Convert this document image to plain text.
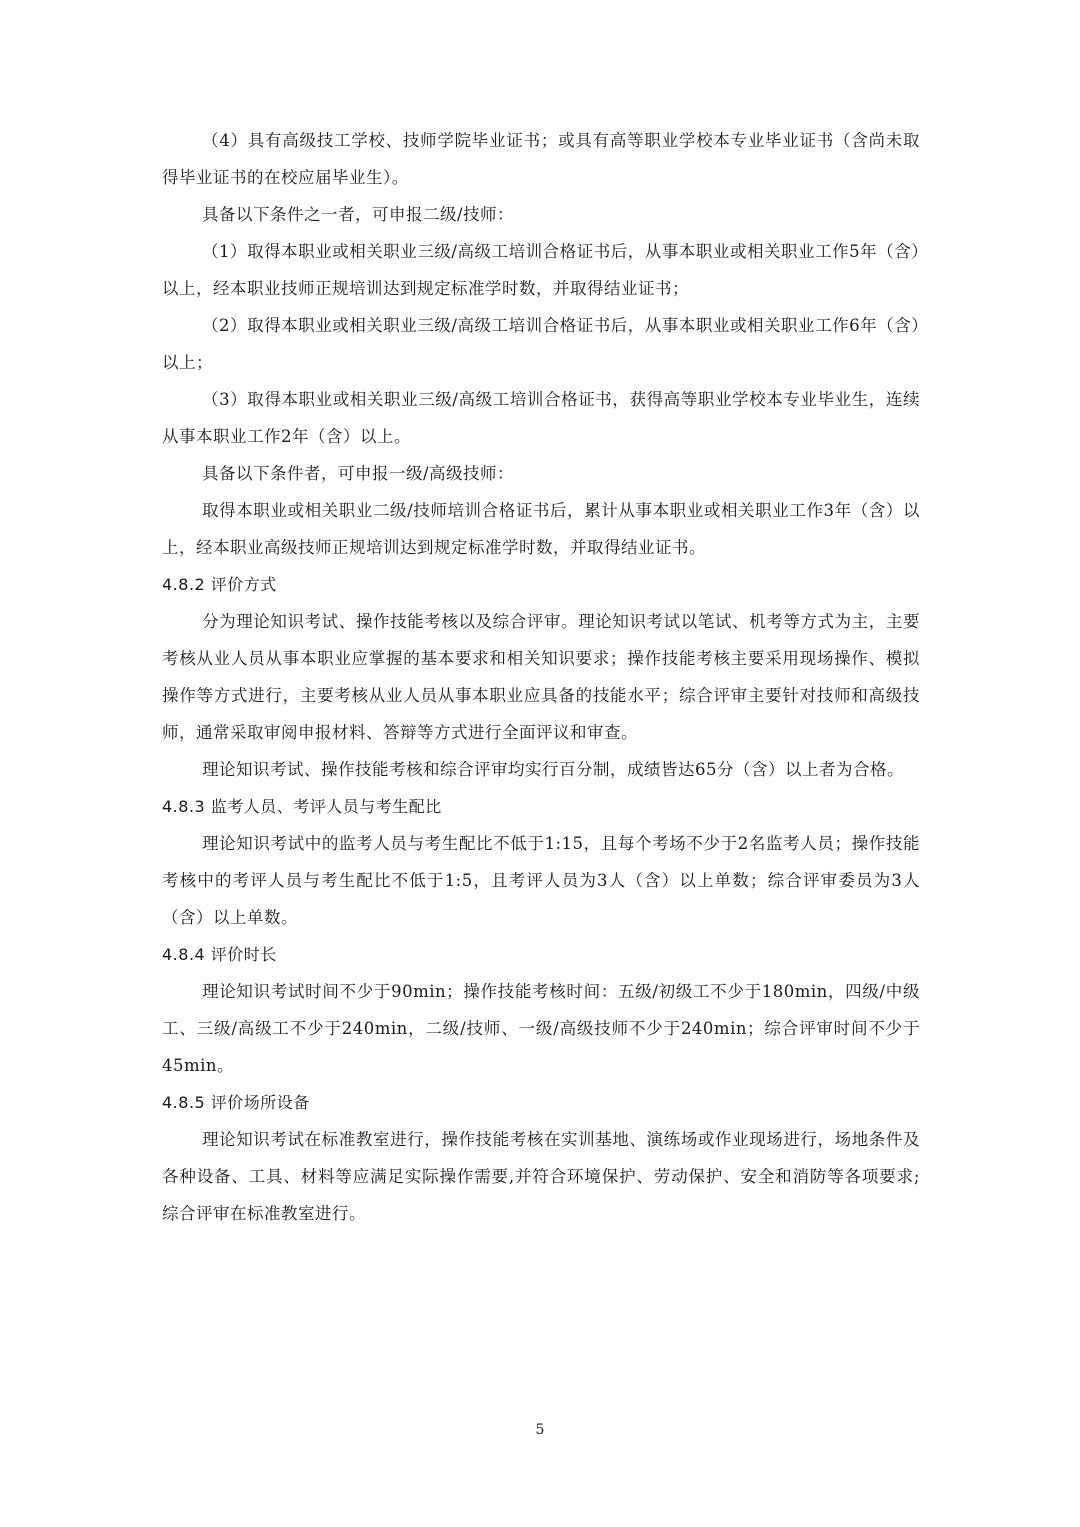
（4）具有高级技工学校、技师学院毕业证书；或具有高等职业学校本专业毕业证书（含尚未取得毕业证书的在校应届毕业生）。

具备以下条件之一者，可申报二级/技师：

（1）取得本职业或相关职业三级/高级工培训合格证书后，从事本职业或相关职业工作5年（含）以上，经本职业技师正规培训达到规定标准学时数，并取得结业证书；

（2）取得本职业或相关职业三级/高级工培训合格证书后，从事本职业或相关职业工作6年（含）以上；

（3）取得本职业或相关职业三级/高级工培训合格证书，获得高等职业学校本专业毕业生，连续从事本职业工作2年（含）以上。

具备以下条件者，可申报一级/高级技师：

取得本职业或相关职业二级/技师培训合格证书后，累计从事本职业或相关职业工作3年（含）以上，经本职业高级技师正规培训达到规定标准学时数，并取得结业证书。

4.8.2 评价方式

分为理论知识考试、操作技能考核以及综合评审。理论知识考试以笔试、机考等方式为主，主要考核从业人员从事本职业应掌握的基本要求和相关知识要求；操作技能考核主要采用现场操作、模拟操作等方式进行，主要考核从业人员从事本职业应具备的技能水平；综合评审主要针对技师和高级技师，通常采取审阅申报材料、答辩等方式进行全面评议和审查。

理论知识考试、操作技能考核和综合评审均实行百分制，成绩皆达65分（含）以上者为合格。

4.8.3 监考人员、考评人员与考生配比

理论知识考试中的监考人员与考生配比不低于1:15，且每个考场不少于2名监考人员；操作技能考核中的考评人员与考生配比不低于1:5，且考评人员为3人（含）以上单数；综合评审委员为3人（含）以上单数。

4.8.4 评价时长

理论知识考试时间不少于90min；操作技能考核时间：五级/初级工不少于180min，四级/中级工、三级/高级工不少于240min，二级/技师、一级/高级技师不少于240min；综合评审时间不少于45min。

4.8.5 评价场所设备

理论知识考试在标准教室进行，操作技能考核在实训基地、演练场或作业现场进行，场地条件及各种设备、工具、材料等应满足实际操作需要,并符合环境保护、劳动保护、安全和消防等各项要求;综合评审在标准教室进行。

5
